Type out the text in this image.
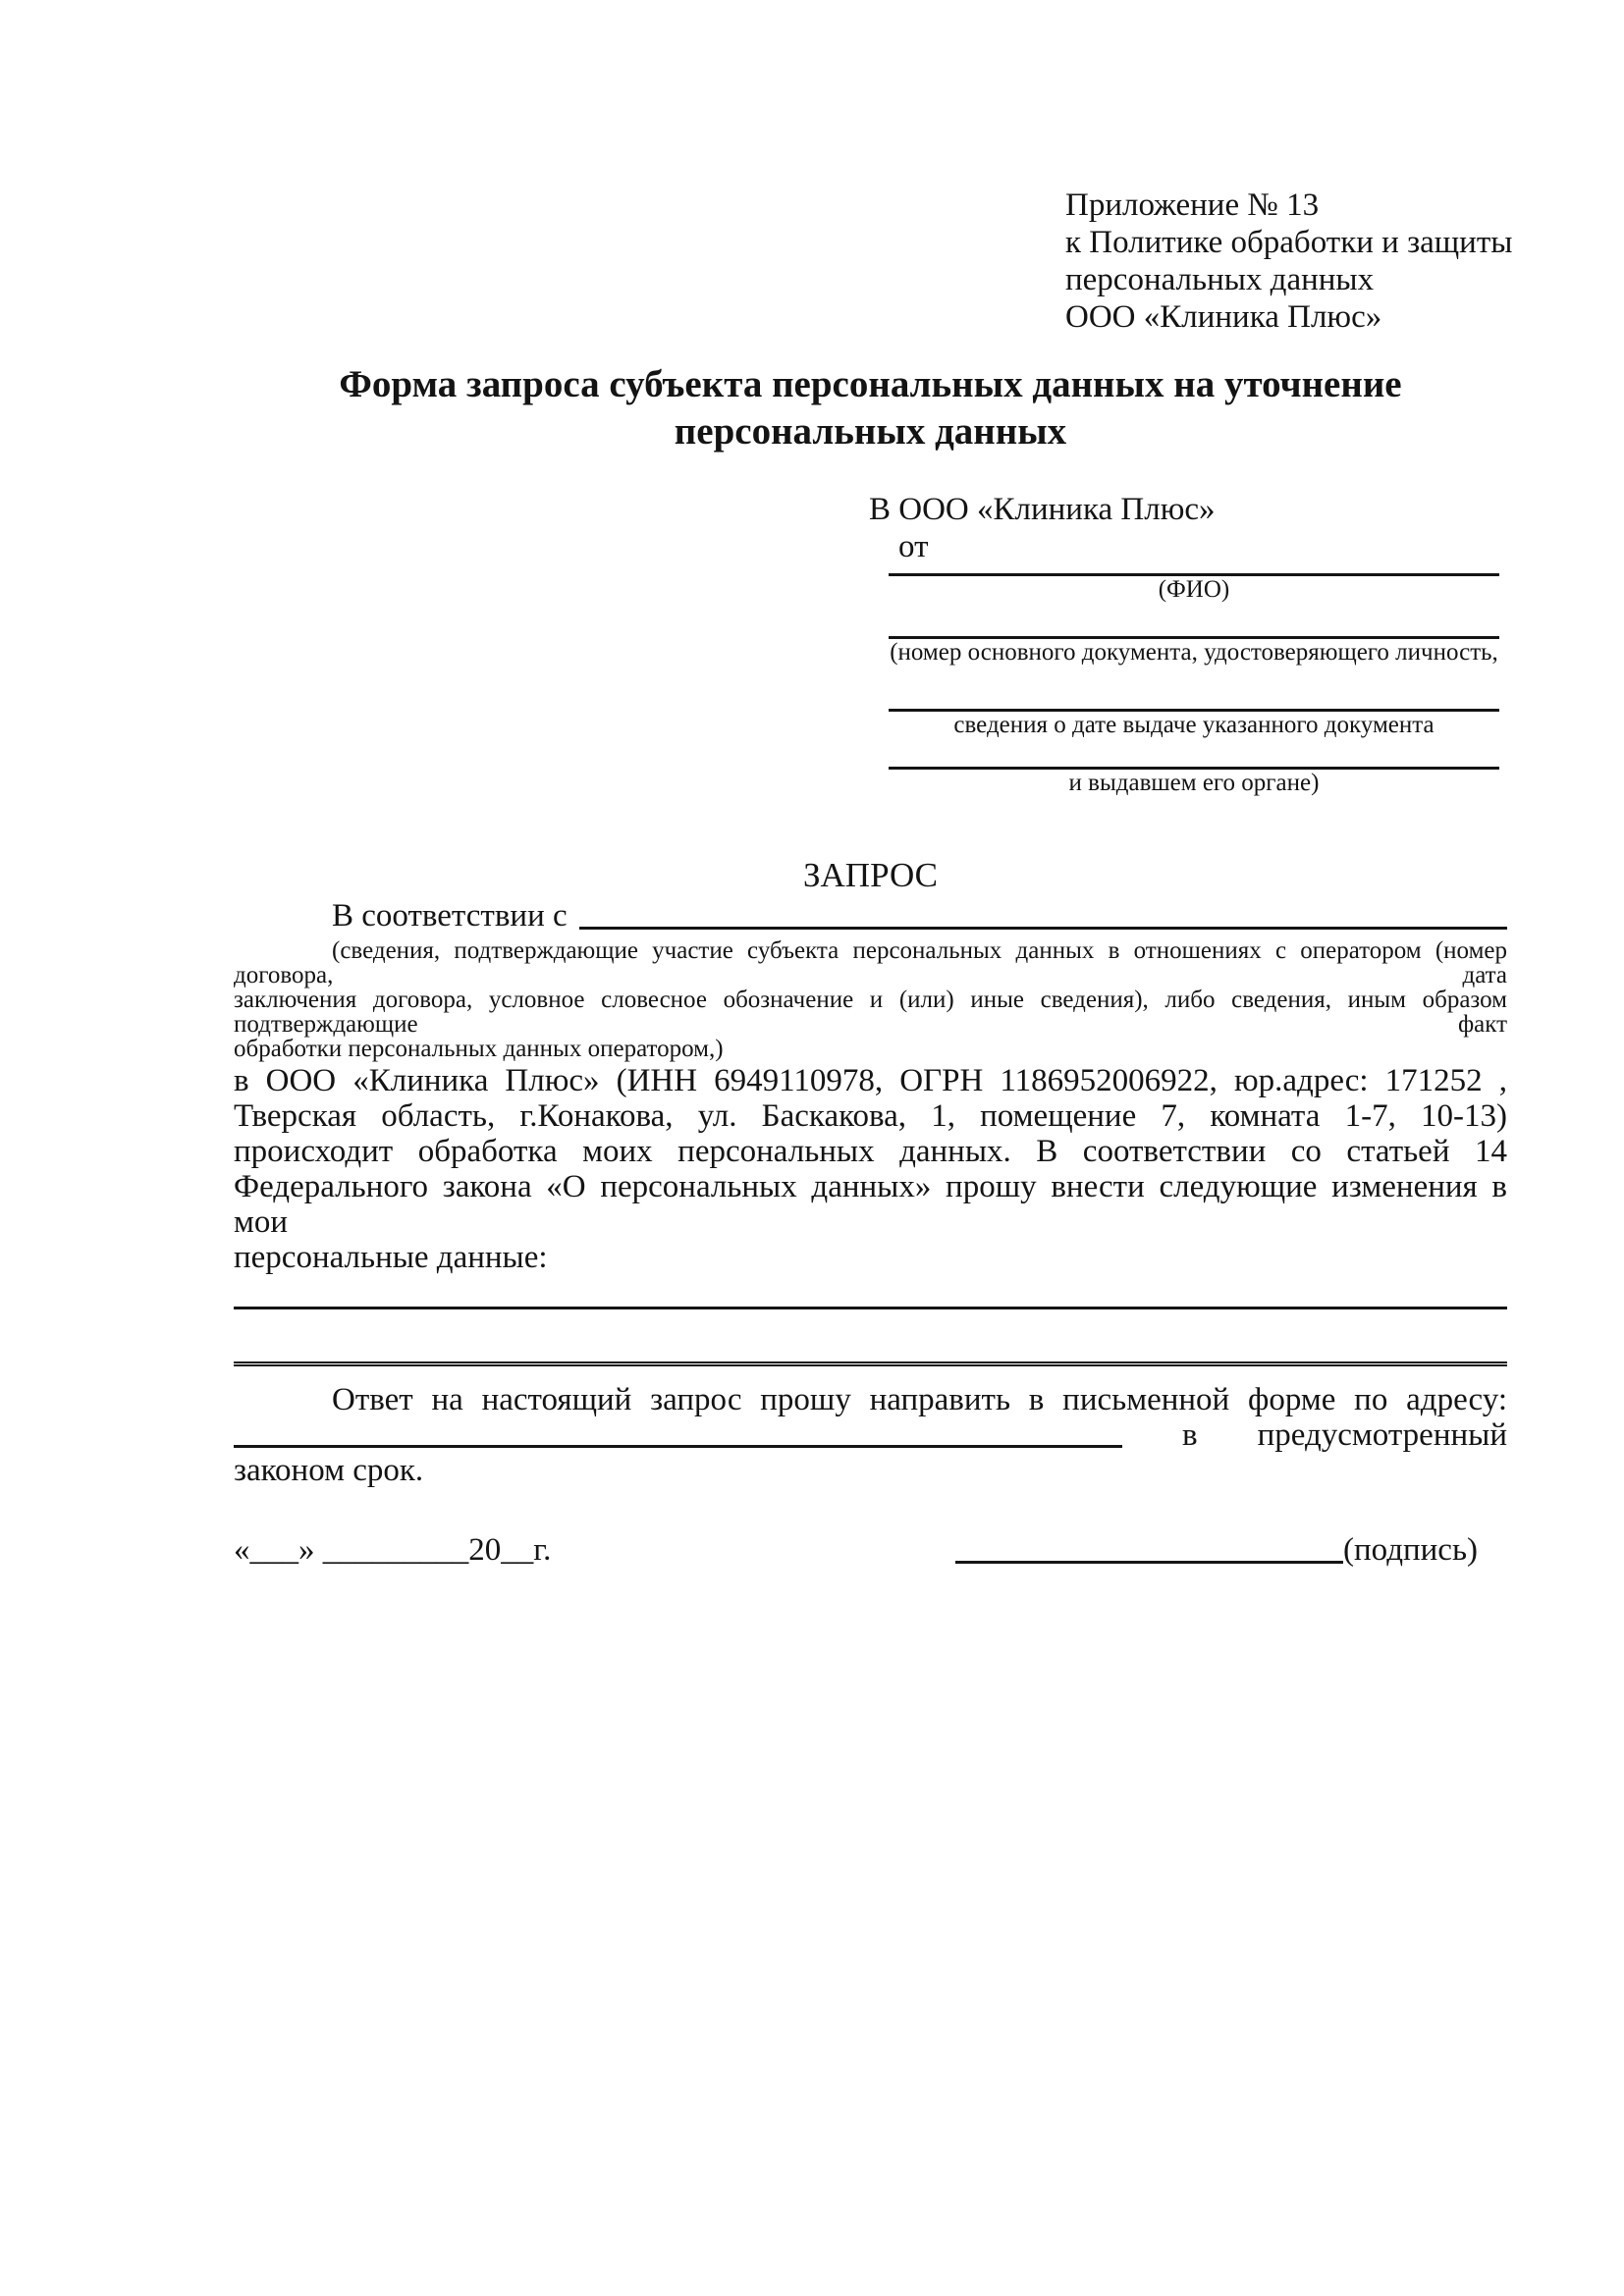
Приложение № 13
к Политике обработки и защиты
персональных данных
ООО «Клиника Плюс»
Форма запроса субъекта персональных данных на уточнение
персональных данных
В ООО «Клиника Плюс»
от
(ФИО)
(номер основного документа, удостоверяющего личность,
сведения о дате выдаче указанного документа
и выдавшем его органе)
ЗАПРОС
В соответствии с
(сведения, подтверждающие участие субъекта персональных данных в отношениях с оператором (номер договора, дата
заключения договора, условное словесное обозначение и (или) иные сведения), либо сведения, иным образом подтверждающие факт
обработки персональных данных оператором,)
в ООО «Клиника Плюс» (ИНН 6949110978, ОГРН 1186952006922, юр.адрес: 171252 ,
Тверская область, г.Конакова, ул. Баскакова, 1, помещение 7, комната 1-7, 10-13)
происходит обработка моих персональных данных. В соответствии со статьей 14
Федерального закона «О персональных данных» прошу внести следующие изменения в мои
персональные данные:
Ответ на настоящий запрос прошу направить в письменной форме по адресу:
в предусмотренный
законом срок.
«___» _________20__г.	(подпись)
